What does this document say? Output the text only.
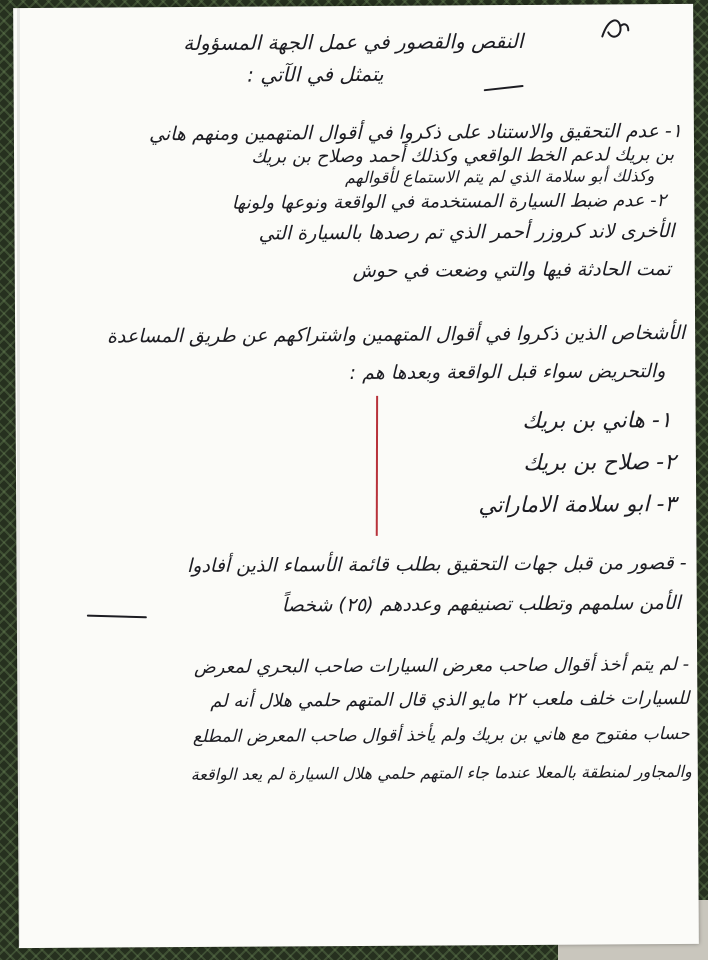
النقص والقصور في عمل الجهة المسؤولة
يتمثل في الآتي :
١- عدم التحقيق والاستناد على ذكروا في أقوال المتهمين ومنهم هاني
بن بريك لدعم الخط الواقعي وكذلك أحمد وصلاح بن بريك
وكذلك أبو سلامة الذي لم يتم الاستماع لأقوالهم
٢- عدم ضبط السيارة المستخدمة في الواقعة ونوعها ولونها
الأخرى لاند كروزر أحمر الذي تم رصدها بالسيارة التي
تمت الحادثة فيها والتي وضعت في حوش
الأشخاص الذين ذكروا في أقوال المتهمين واشتراكهم عن طريق المساعدة
والتحريض سواء قبل الواقعة وبعدها هم :
١- هاني بن بريك
٢- صلاح بن بريك
٣- ابو سلامة الاماراتي
- قصور من قبل جهات التحقيق بطلب قائمة الأسماء الذين أفادوا
الأمن سلمهم وتطلب تصنيفهم وعددهم (٢٥) شخصاً
- لم يتم أخذ أقوال صاحب معرض السيارات صاحب البحري لمعرض
للسيارات خلف ملعب ٢٢ مايو الذي قال المتهم حلمي هلال أنه لم
حساب مفتوح مع هاني بن بريك ولم يأخذ أقوال صاحب المعرض المطلع
والمجاور لمنطقة بالمعلا عندما جاء المتهم حلمي هلال السيارة لم يعد الواقعة
